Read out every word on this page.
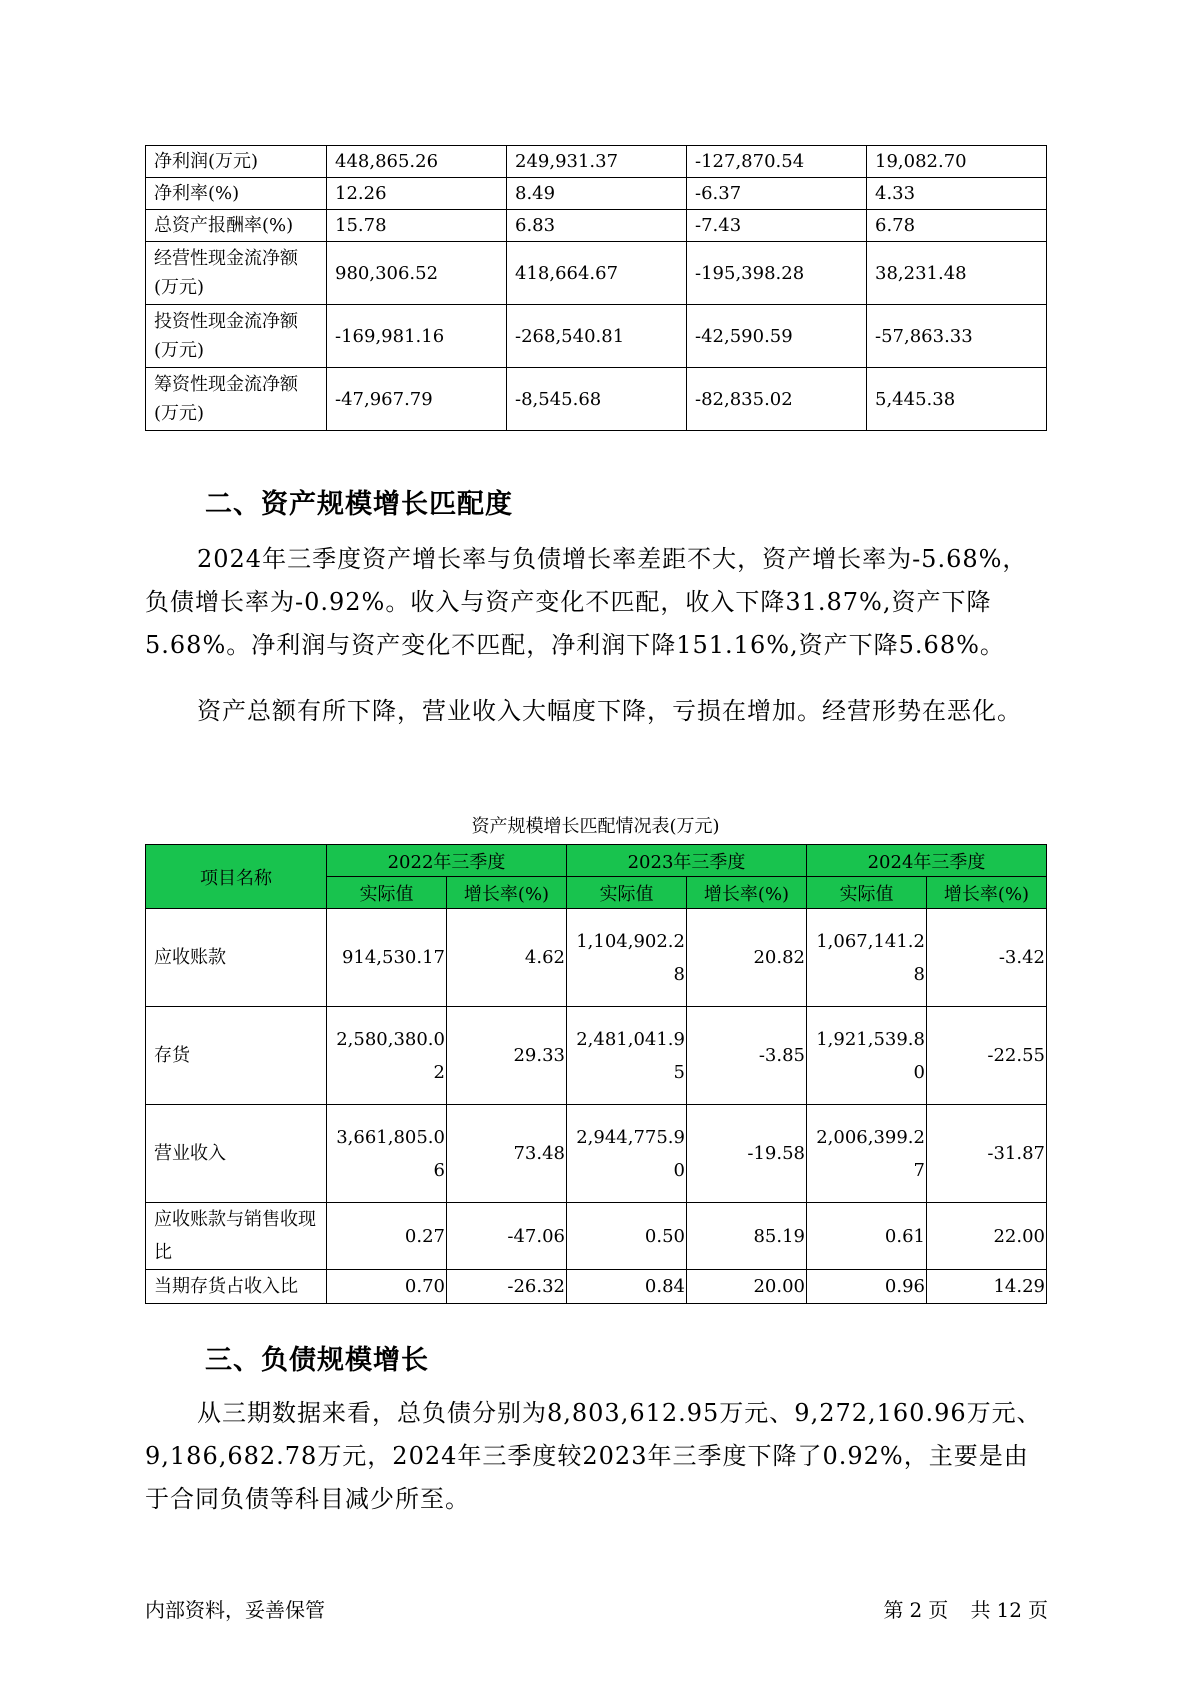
净利润(万元)	448,865.26	249,931.37	-127,870.54	19,082.70
净利率(%)	12.26	8.49	-6.37	4.33
总资产报酬率(%)	15.78	6.83	-7.43	6.78
经营性现金流净额(万元)	980,306.52	418,664.67	-195,398.28	38,231.48
投资性现金流净额(万元)	-169,981.16	-268,540.81	-42,590.59	-57,863.33
筹资性现金流净额(万元)	-47,967.79	-8,545.68	-82,835.02	5,445.38
二、资产规模增长匹配度
2024年三季度资产增长率与负债增长率差距不大，资产增长率为-5.68%，负债增长率为-0.92%。收入与资产变化不匹配，收入下降31.87%,资产下降5.68%。净利润与资产变化不匹配，净利润下降151.16%,资产下降5.68%。
资产总额有所下降，营业收入大幅度下降，亏损在增加。经营形势在恶化。
资产规模增长匹配情况表(万元)
项目名称	2022年三季度		2023年三季度		2024年三季度	
	实际值	增长率(%)	实际值	增长率(%)	实际值	增长率(%)
应收账款	914,530.17	4.62	1,104,902.28	20.82	1,067,141.28	-3.42
存货	2,580,380.02	29.33	2,481,041.95	-3.85	1,921,539.80	-22.55
营业收入	3,661,805.06	73.48	2,944,775.90	-19.58	2,006,399.27	-31.87
应收账款与销售收现比	0.27	-47.06	0.50	85.19	0.61	22.00
当期存货占收入比	0.70	-26.32	0.84	20.00	0.96	14.29
三、负债规模增长
从三期数据来看，总负债分别为8,803,612.95万元、9,272,160.96万元、9,186,682.78万元，2024年三季度较2023年三季度下降了0.92%，主要是由于合同负债等科目减少所至。
内部资料，妥善保管	第 2 页 共 12 页
